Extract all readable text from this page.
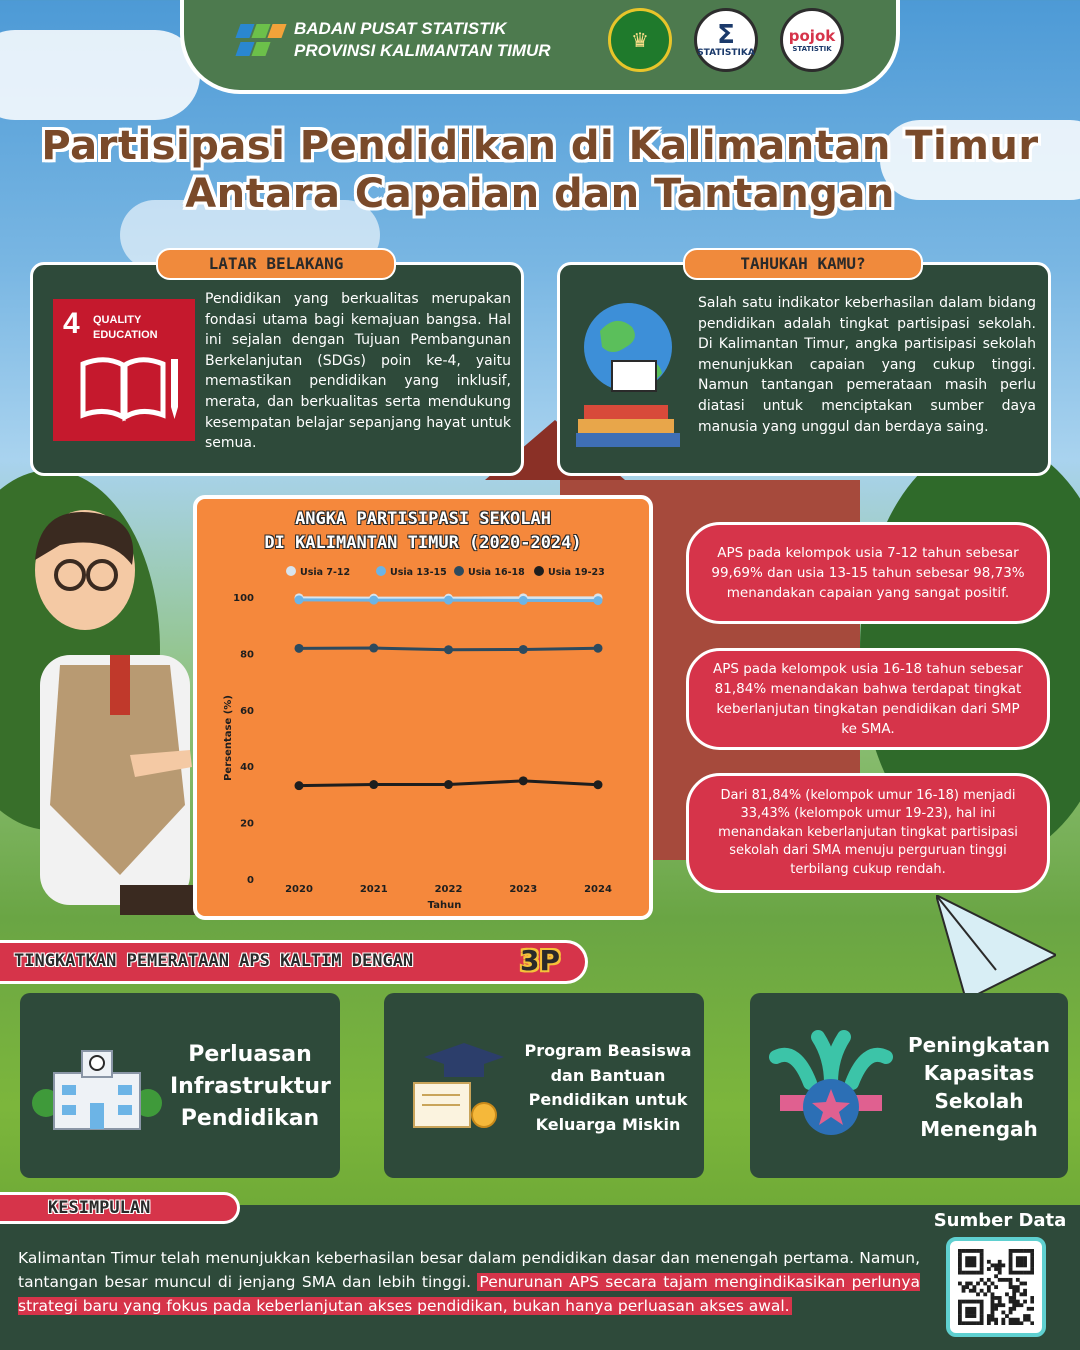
BADAN PUSAT STATISTIK
PROVINSI KALIMANTAN TIMUR	♛	Σ
STATISTIKA
pojok
STATISTIK
Partisipasi Pendidikan di Kalimantan Timur
Antara Capaian dan Tantangan
4 QUALITY
EDUCATION
Pendidikan yang berkualitas merupakan fondasi utama bagi kemajuan bangsa. Hal ini sejalan dengan Tujuan Pembangunan Berkelanjutan (SDGs) poin ke-4, yaitu memastikan pendidikan yang inklusif, merata, dan berkualitas serta mendukung kesempatan belajar sepanjang hayat untuk semua.
LATAR BELAKANG
Salah satu indikator keberhasilan dalam bidang pendidikan adalah tingkat partisipasi sekolah. Di Kalimantan Timur, angka partisipasi sekolah menunjukkan capaian yang cukup tinggi. Namun tantangan pemerataan masih perlu diatasi untuk menciptakan sumber daya manusia yang unggul dan berdaya saing.
TAHUKAH KAMU?
ANGKA PARTISIPASI SEKOLAH
DI KALIMANTAN TIMUR (2020-2024)
0
20
40
60
80
100
2020	2021	2022	2023	2024
Tahun
Persentase (%)
Usia 7-12	Usia 13-15 Usia 16-18 Usia 19-23
APS pada kelompok usia 7-12 tahun sebesar 99,69% dan usia 13-15 tahun sebesar 98,73% menandakan capaian yang sangat positif.
APS pada kelompok usia 16-18 tahun sebesar 81,84% menandakan bahwa terdapat tingkat keberlanjutan tingkatan pendidikan dari SMP ke SMA.
Dari 81,84% (kelompok umur 16-18) menjadi 33,43% (kelompok umur 19-23), hal ini menandakan keberlanjutan tingkat partisipasi sekolah dari SMA menuju perguruan tinggi terbilang cukup rendah.
TINGKATKAN PEMERATAAN APS KALTIM DENGAN	3P
Perluasan Infrastruktur Pendidikan
Program Beasiswa dan Bantuan Pendidikan untuk Keluarga Miskin
Peningkatan Kapasitas Sekolah Menengah
KESIMPULAN
Kalimantan Timur telah menunjukkan keberhasilan besar dalam pendidikan dasar dan menengah pertama. Namun, tantangan besar muncul di jenjang SMA dan lebih tinggi. Penurunan APS secara tajam mengindikasikan perlunya strategi baru yang fokus pada keberlanjutan akses pendidikan, bukan hanya perluasan akses awal.
Sumber Data
